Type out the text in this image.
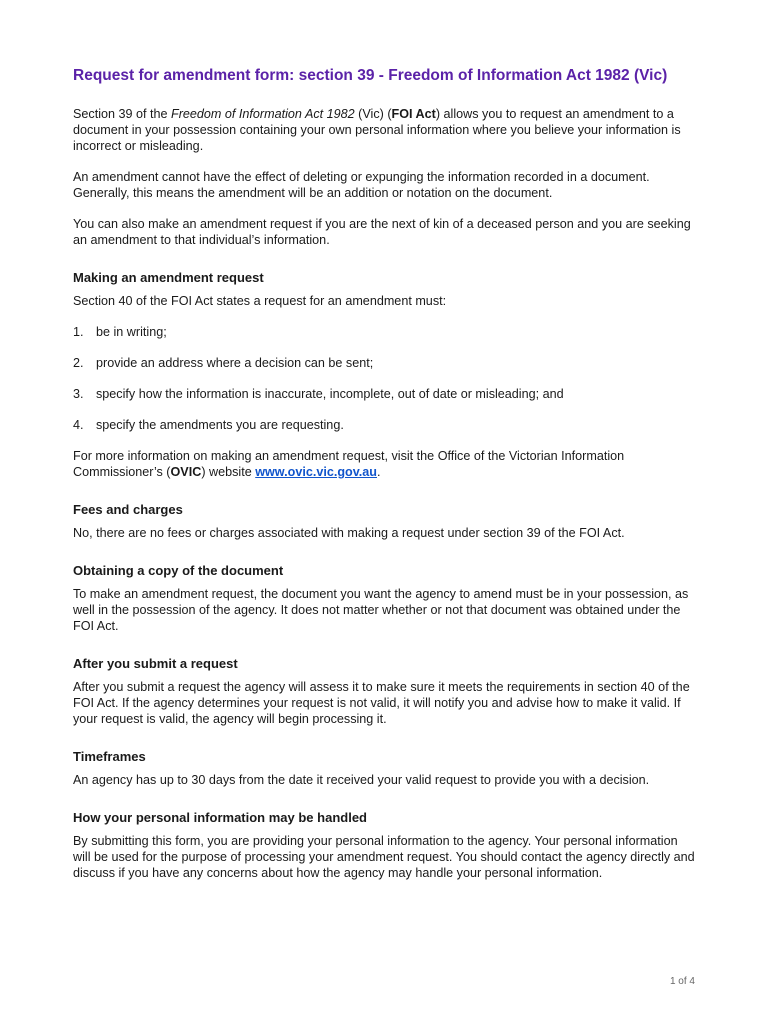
Request for amendment form: section 39 - Freedom of Information Act 1982 (Vic)

Section 39 of the Freedom of Information Act 1982 (Vic) (FOI Act) allows you to request an amendment to a document in your possession containing your own personal information where you believe your information is incorrect or misleading.

An amendment cannot have the effect of deleting or expunging the information recorded in a document. Generally, this means the amendment will be an addition or notation on the document.

You can also make an amendment request if you are the next of kin of a deceased person and you are seeking an amendment to that individual’s information.

Making an amendment request

Section 40 of the FOI Act states a request for an amendment must:

1. be in writing;
2. provide an address where a decision can be sent;
3. specify how the information is inaccurate, incomplete, out of date or misleading; and
4. specify the amendments you are requesting.

For more information on making an amendment request, visit the Office of the Victorian Information Commissioner’s (OVIC) website www.ovic.vic.gov.au.

Fees and charges

No, there are no fees or charges associated with making a request under section 39 of the FOI Act.

Obtaining a copy of the document

To make an amendment request, the document you want the agency to amend must be in your possession, as well in the possession of the agency. It does not matter whether or not that document was obtained under the FOI Act.

After you submit a request

After you submit a request the agency will assess it to make sure it meets the requirements in section 40 of the FOI Act. If the agency determines your request is not valid, it will notify you and advise how to make it valid. If your request is valid, the agency will begin processing it.

Timeframes

An agency has up to 30 days from the date it received your valid request to provide you with a decision.

How your personal information may be handled

By submitting this form, you are providing your personal information to the agency. Your personal information will be used for the purpose of processing your amendment request. You should contact the agency directly and discuss if you have any concerns about how the agency may handle your personal information.

1 of 4
